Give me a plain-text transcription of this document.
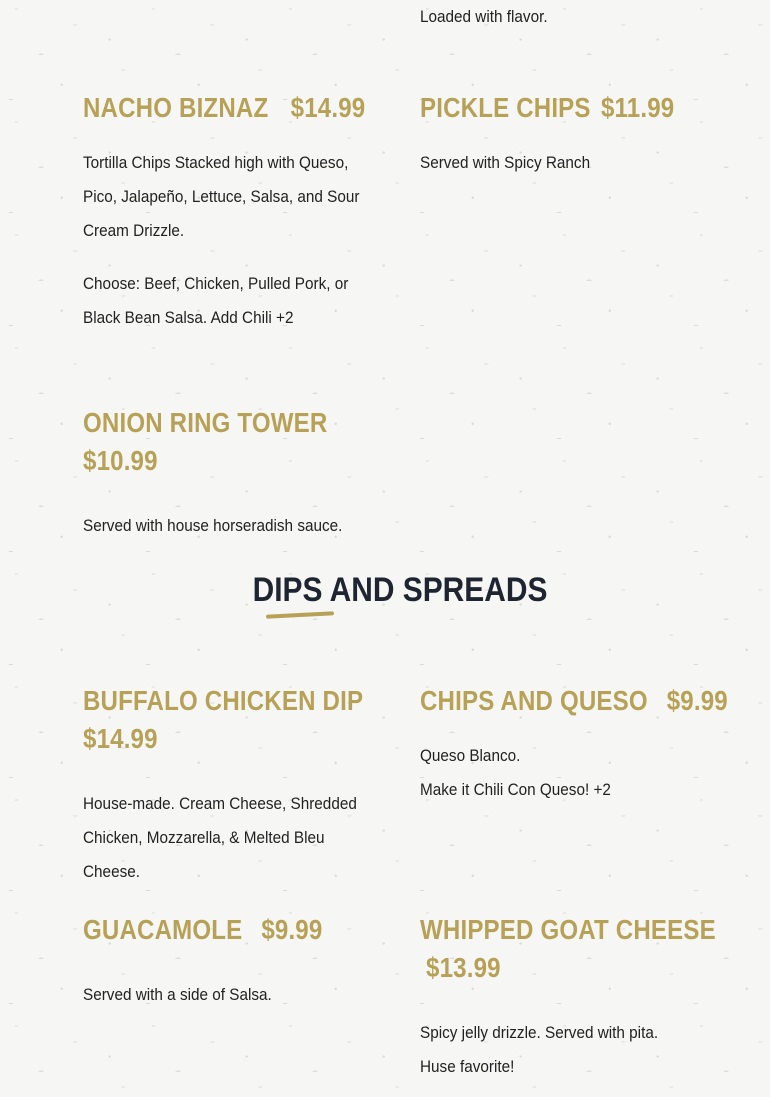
Loaded with flavor.

NACHO BIZNAZ $14.99

Tortilla Chips Stacked high with Queso,
Pico, Jalapeño, Lettuce, Salsa, and Sour
Cream Drizzle.

Choose: Beef, Chicken, Pulled Pork, or
Black Bean Salsa. Add Chili +2

PICKLE CHIPS $11.99

Served with Spicy Ranch

ONION RING TOWER
$10.99

Served with house horseradish sauce.

DIPS AND SPREADS
BUFFALO CHICKEN DIP
$14.99

House-made. Cream Cheese, Shredded
Chicken, Mozzarella, & Melted Bleu Cheese.

CHIPS AND QUESO $9.99

Queso Blanco.
Make it Chili Con Queso! +2

GUACAMOLE $9.99

Served with a side of Salsa.

WHIPPED GOAT CHEESE
$13.99

Spicy jelly drizzle. Served with pita.
Huse favorite!
